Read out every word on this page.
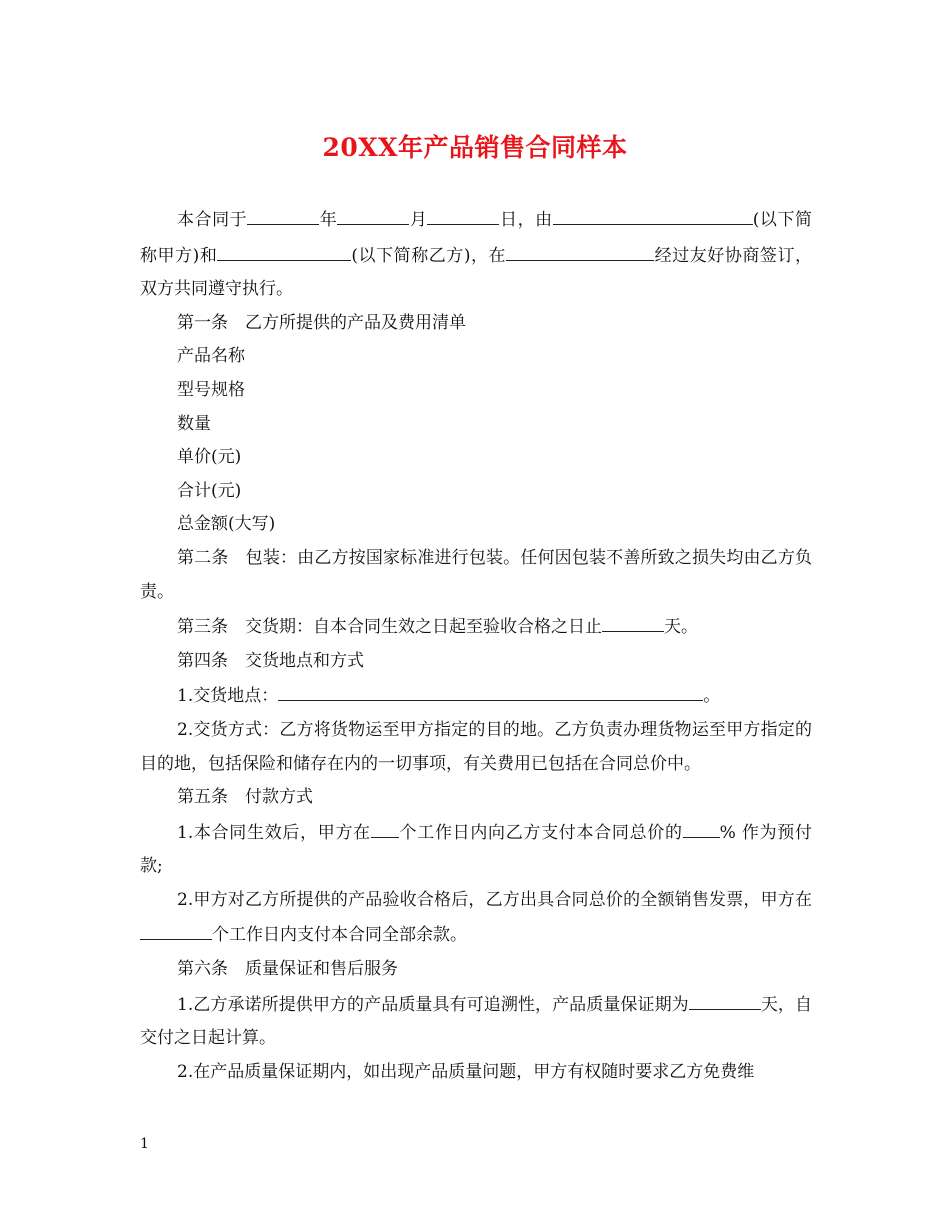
20XX年产品销售合同样本

本合同于	年	月	日，由	(以下简称甲方)和	(以下简称乙方)，在	经过友好协商签订，双方共同遵守执行。

第一条　乙方所提供的产品及费用清单

产品名称

型号规格

数量

单价(元)

合计(元)

总金额(大写)

第二条　包装：由乙方按国家标准进行包装。任何因包装不善所致之损失均由乙方负责。

第三条　交货期：自本合同生效之日起至验收合格之日止	天。

第四条　交货地点和方式

1.交货地点：	。

2.交货方式：乙方将货物运至甲方指定的目的地。乙方负责办理货物运至甲方指定的目的地，包括保险和储存在内的一切事项，有关费用已包括在合同总价中。

第五条　付款方式

1.本合同生效后，甲方在 个工作日内向乙方支付本合同总价的 % 作为预付款;

2.甲方对乙方所提供的产品验收合格后，乙方出具合同总价的全额销售发票，甲方在个工作日内支付本合同全部余款。

第六条　质量保证和售后服务

1.乙方承诺所提供甲方的产品质量具有可追溯性，产品质量保证期为	天，自交付之日起计算。

2.在产品质量保证期内，如出现产品质量问题，甲方有权随时要求乙方免费维

1
